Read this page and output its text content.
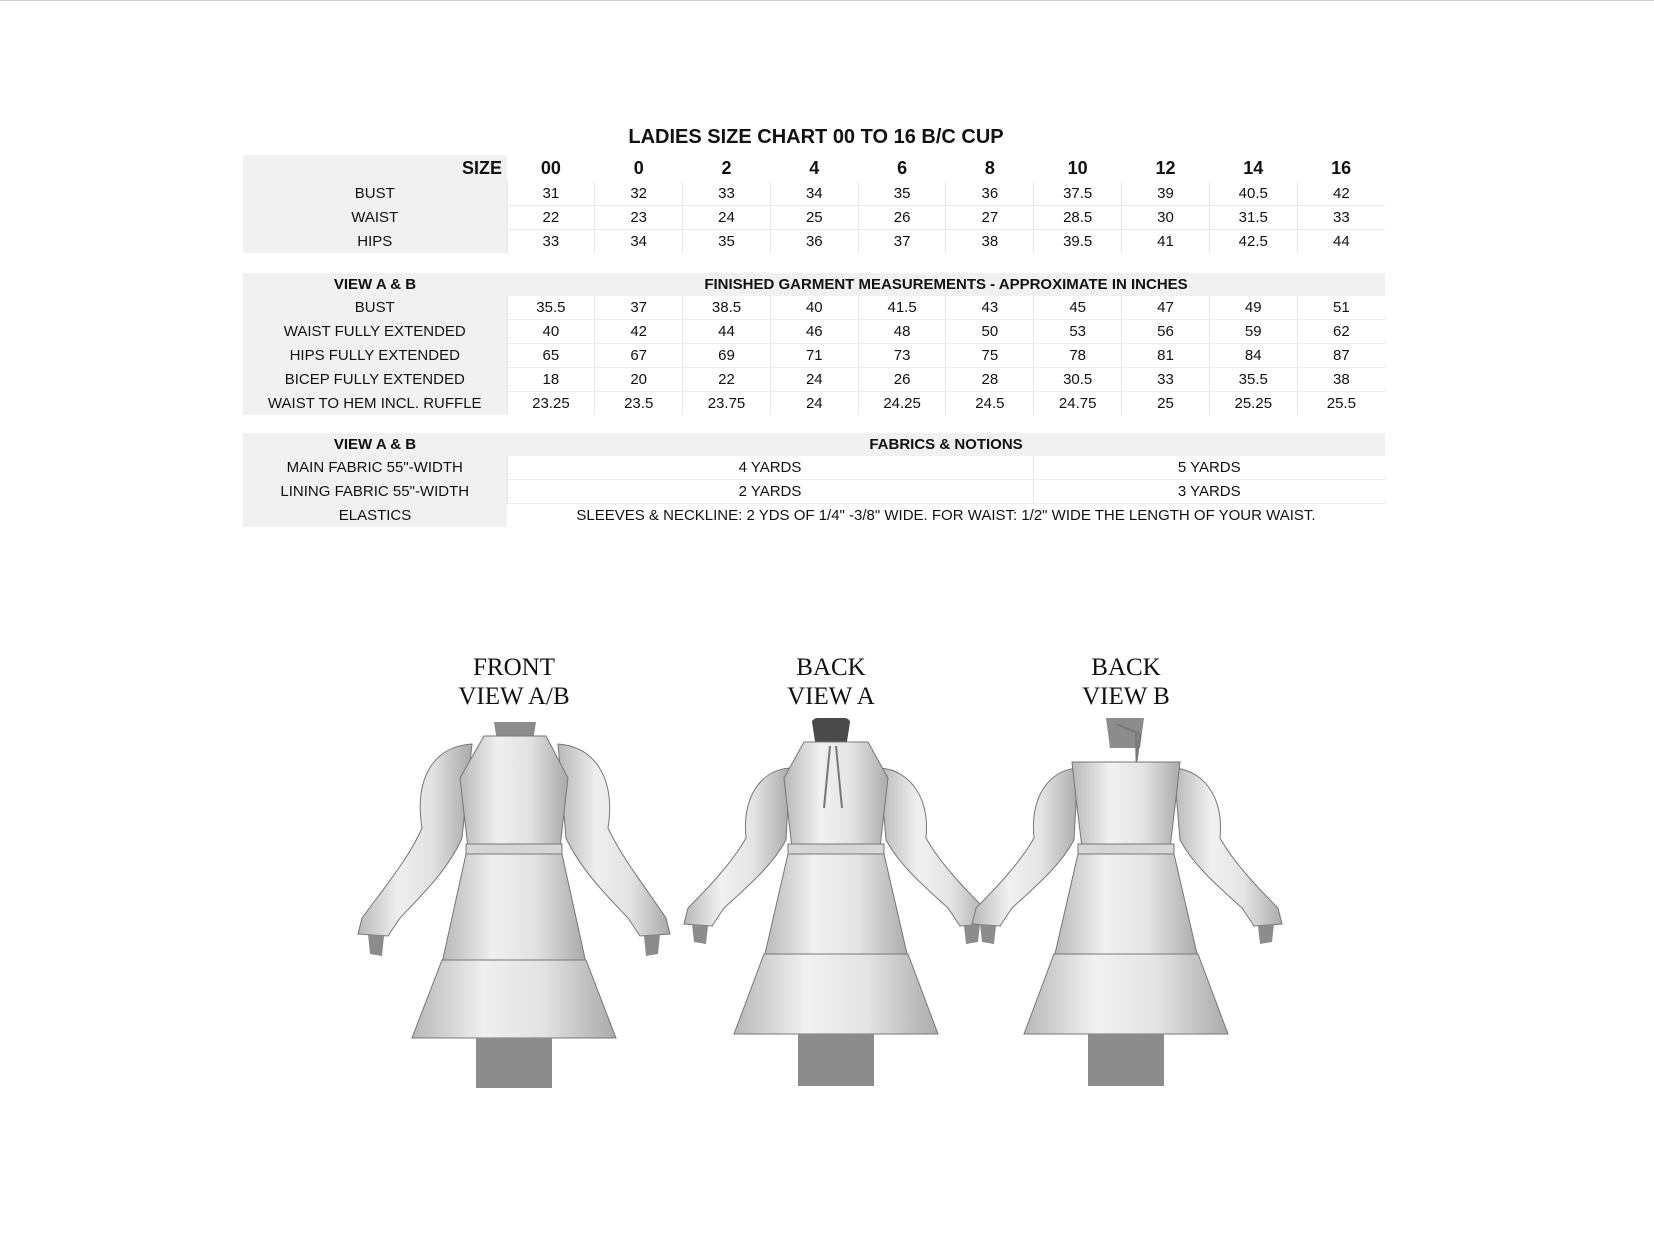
LADIES SIZE CHART 00 TO 16 B/C CUP
SIZE	00	0	2	4	6	8	10	12	14	16
BUST	31	32	33	34	35	36	37.5	39	40.5	42
WAIST	22	23	24	25	26	27	28.5	30	31.5	33
HIPS	33	34	35	36	37	38	39.5	41	42.5	44
VIEW A & B	FINISHED GARMENT MEASUREMENTS - APPROXIMATE IN INCHES									
BUST	35.5	37	38.5	40	41.5	43	45	47	49	51
WAIST FULLY EXTENDED	40	42	44	46	48	50	53	56	59	62
HIPS FULLY EXTENDED	65	67	69	71	73	75	78	81	84	87
BICEP FULLY EXTENDED	18	20	22	24	26	28	30.5	33	35.5	38
WAIST TO HEM INCL. RUFFLE	23.25	23.5	23.75	24	24.25	24.5	24.75	25	25.25	25.5
VIEW A & B	FABRICS & NOTIONS	
MAIN FABRIC 55"-WIDTH	4 YARDS	5 YARDS
LINING FABRIC 55"-WIDTH	2 YARDS	3 YARDS
ELASTICS	SLEEVES & NECKLINE: 2 YDS OF 1/4" -3/8" WIDE. FOR WAIST: 1/2" WIDE THE LENGTH OF YOUR WAIST.	
FRONT
VIEW A/B
BACK
VIEW A
BACK
VIEW B
